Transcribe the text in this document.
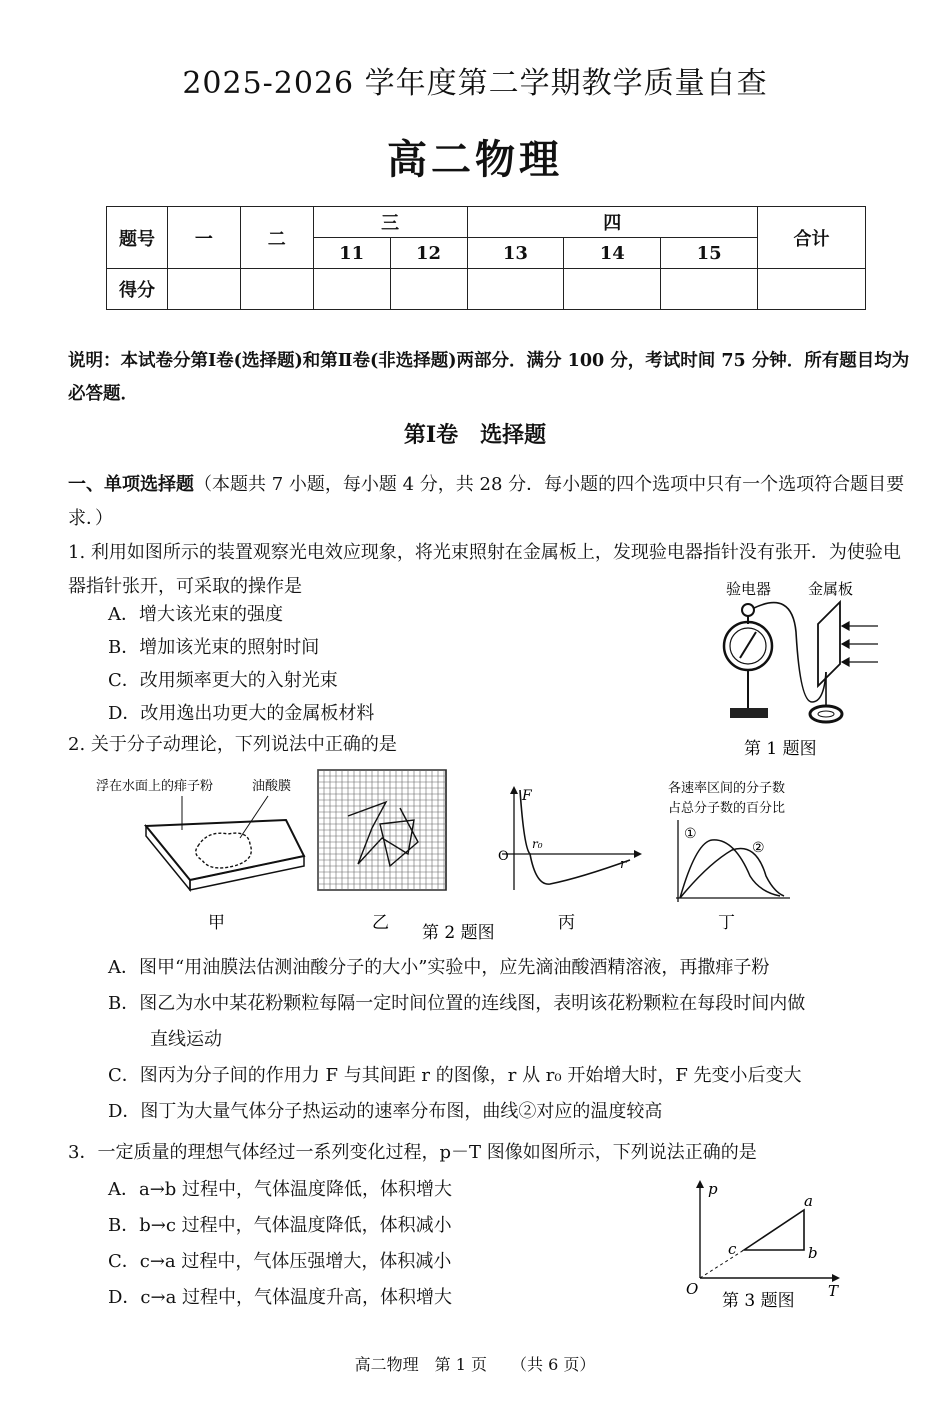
2025-2026 学年度第二学期教学质量自查
高二物理
题号	一	二	三		四			合计
			11	12	13	14	15	
得分								
说明：本试卷分第Ⅰ卷(选择题)和第Ⅱ卷(非选择题)两部分．满分 100 分，考试时间 75 分钟．所有题目均为必答题．
第Ⅰ卷　选择题
一、单项选择题（本题共 7 小题，每小题 4 分，共 28 分．每小题的四个选项中只有一个选项符合题目要求．）
1. 利用如图所示的装置观察光电效应现象，将光束照射在金属板上，发现验电器指针没有张开．为使验电器指针张开，可采取的操作是
A．增大该光束的强度
B．增加该光束的照射时间
C．改用频率更大的入射光束
D．改用逸出功更大的金属板材料
验电器 金属板
第 1 题图
2. 关于分子动理论，下列说法中正确的是
浮在水面上的痱子粉	油酸膜
甲	乙 第 2 题图
F
O
r₀
r
丙
各速率区间的分子数
占总分子数的百分比
①
②
丁
A．图甲“用油膜法估测油酸分子的大小”实验中，应先滴油酸酒精溶液，再撒痱子粉
B．图乙为水中某花粉颗粒每隔一定时间位置的连线图，表明该花粉颗粒在每段时间内做
直线运动
C．图丙为分子间的作用力 F 与其间距 r 的图像，r 从 r₀ 开始增大时，F 先变小后变大
D．图丁为大量气体分子热运动的速率分布图，曲线②对应的温度较高
3．一定质量的理想气体经过一系列变化过程，p－T 图像如图所示，下列说法正确的是
A．a→b 过程中，气体温度降低，体积增大
B．b→c 过程中，气体温度降低，体积减小
C．c→a 过程中，气体压强增大，体积减小
D．c→a 过程中，气体温度升高，体积增大
p
T
O
a
b
c
第 3 题图
高二物理　第 1 页　　（共 6 页）
